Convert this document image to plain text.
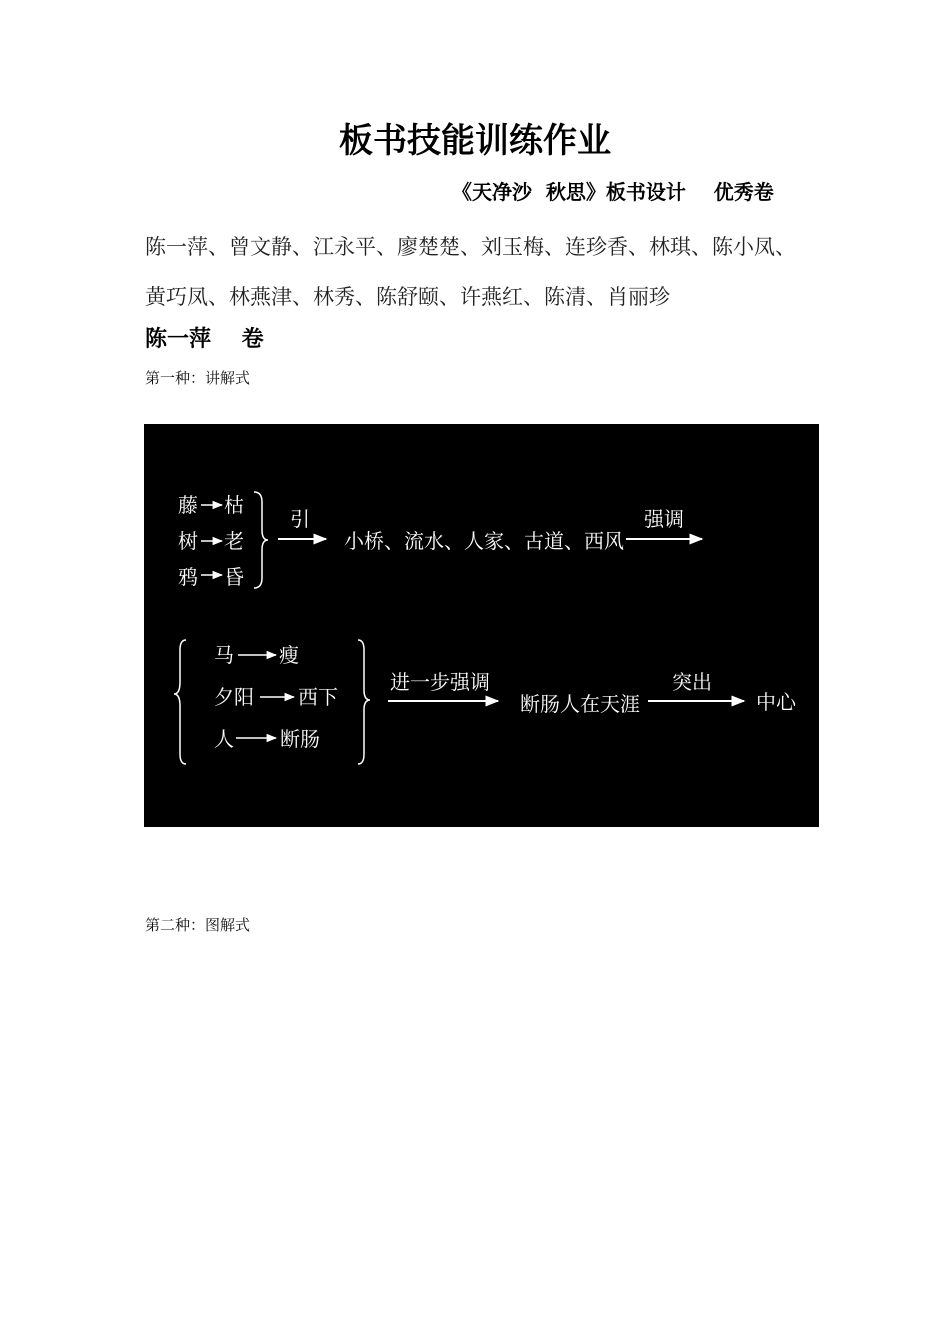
板书技能训练作业
《天净沙  秋思》板书设计    优秀卷
陈一萍、曾文静、江永平、廖楚楚、刘玉梅、连珍香、林琪、陈小凤、
黄巧凤、林燕津、林秀、陈舒颐、许燕红、陈清、肖丽珍
陈一萍    卷
第一种：讲解式
藤 枯
树 老
鸦 昏
引
小桥、流水、人家、古道、西风
强调
马 瘦
夕阳 西下
人 断肠
进一步强调
断肠人在天涯
突出
中心
第二种：图解式
